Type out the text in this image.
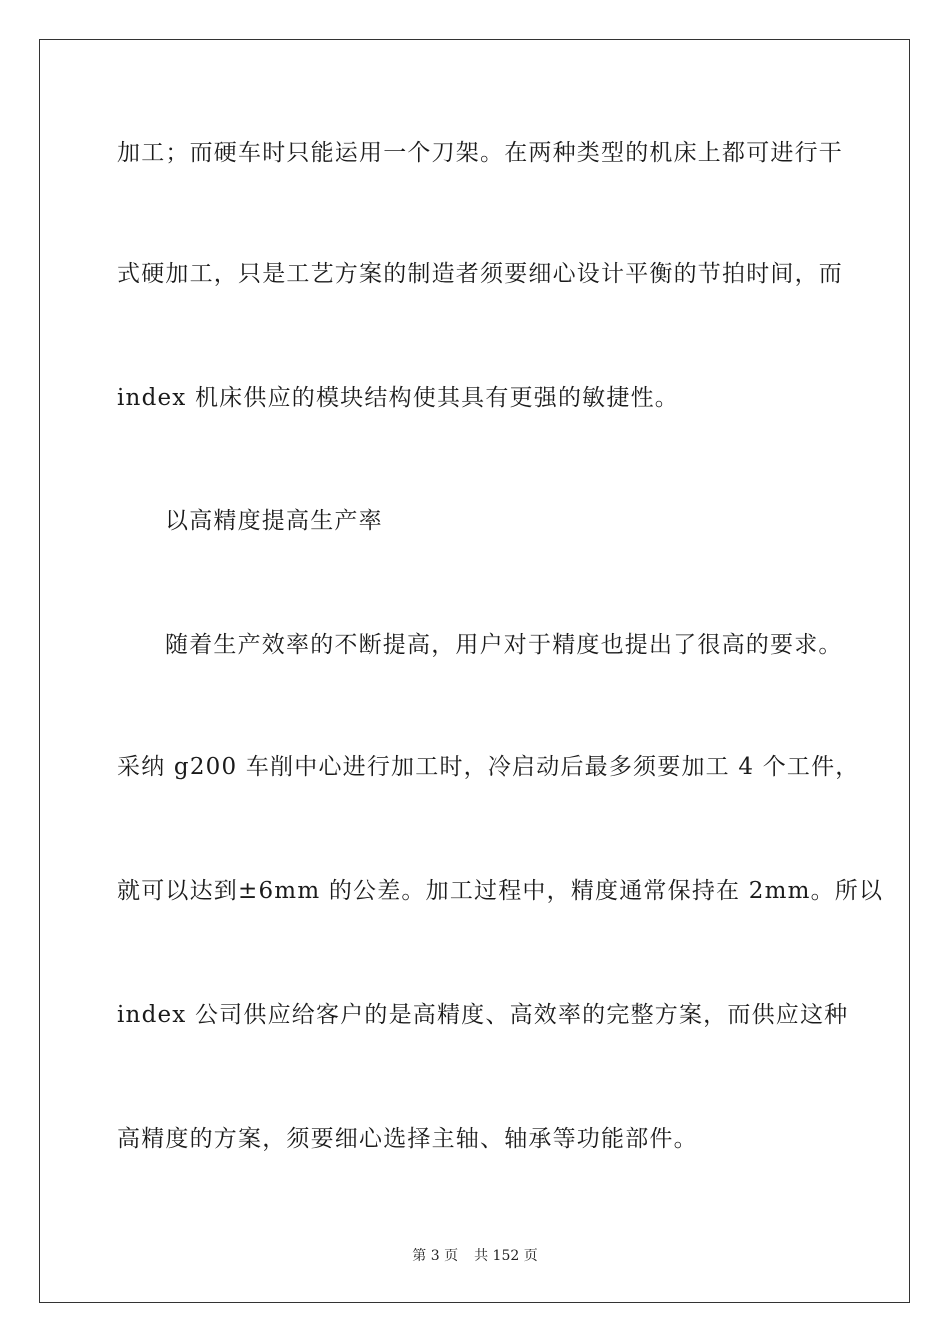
加工；而硬车时只能运用一个刀架。在两种类型的机床上都可进行干
式硬加工，只是工艺方案的制造者须要细心设计平衡的节拍时间，而
index 机床供应的模块结构使其具有更强的敏捷性。
以高精度提高生产率
随着生产效率的不断提高，用户对于精度也提出了很高的要求。
采纳 g200 车削中心进行加工时，冷启动后最多须要加工 4 个工件，
就可以达到±6mm 的公差。加工过程中，精度通常保持在 2mm。所以
index 公司供应给客户的是高精度、高效率的完整方案，而供应这种
高精度的方案，须要细心选择主轴、轴承等功能部件。
第 3 页 共 152 页
